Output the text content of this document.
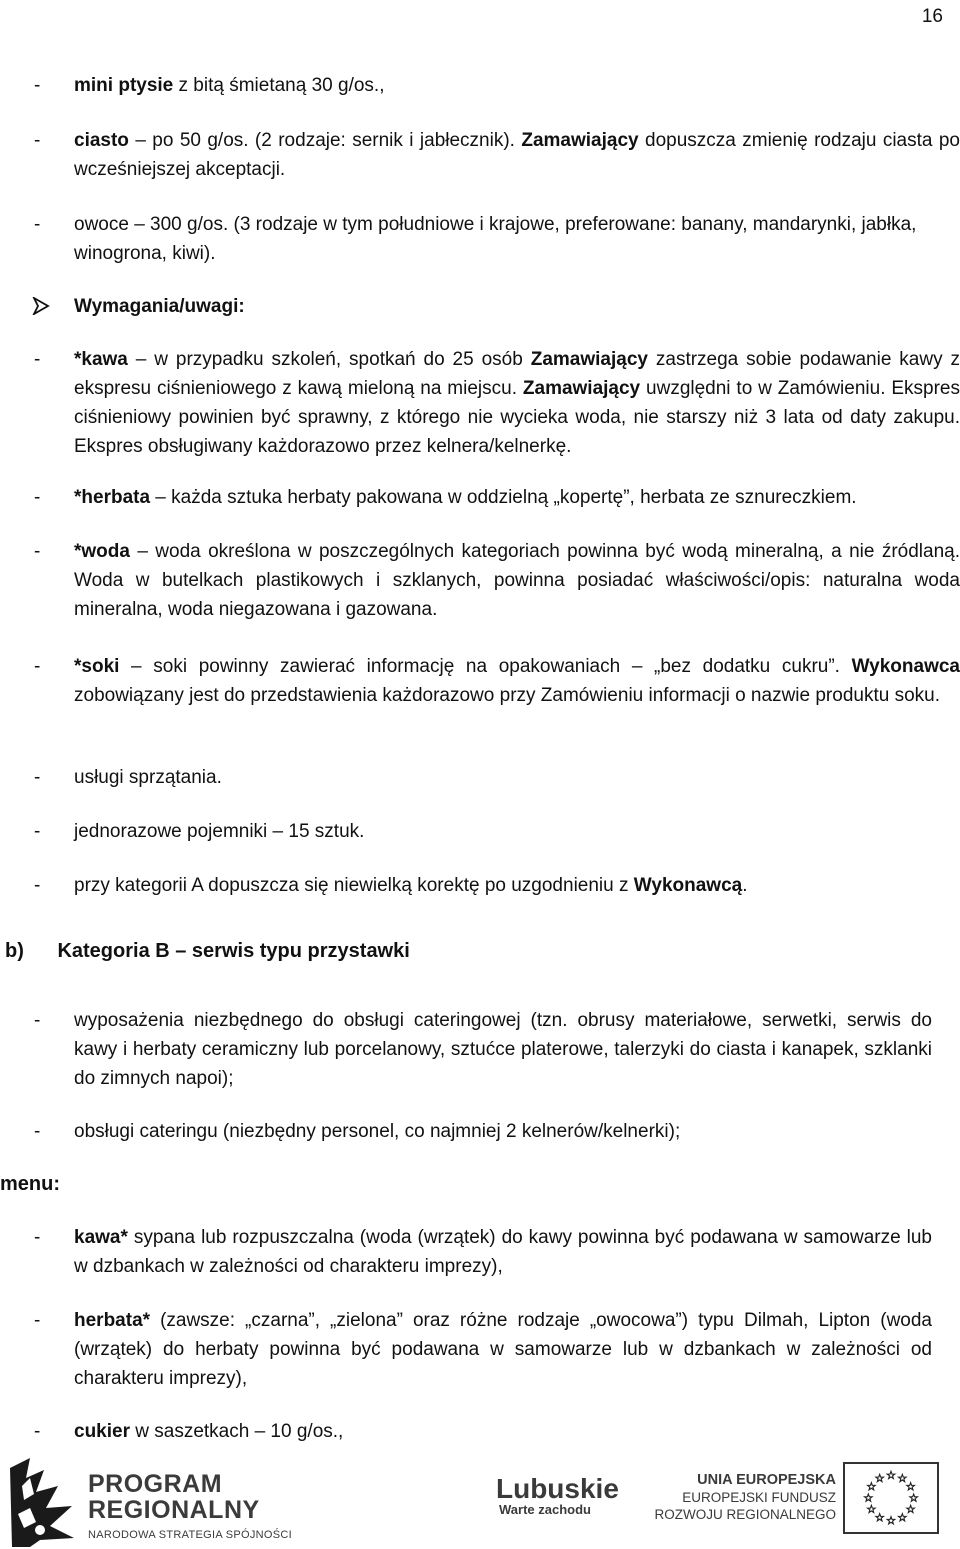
16
- mini ptysie z bitą śmietaną 30 g/os.,
- ciasto – po 50 g/os. (2 rodzaje: sernik i jabłecznik). Zamawiający dopuszcza zmienię rodzaju ciasta po wcześniejszej akceptacji.
- owoce – 300 g/os. (3 rodzaje w tym południowe i krajowe, preferowane: banany, mandarynki, jabłka, winogrona, kiwi).
Wymagania/uwagi:
- *kawa – w przypadku szkoleń, spotkań do 25 osób Zamawiający zastrzega sobie podawanie kawy z ekspresu ciśnieniowego z kawą mieloną na miejscu. Zamawiający uwzględni to w Zamówieniu. Ekspres ciśnieniowy powinien być sprawny, z którego nie wycieka woda, nie starszy niż 3 lata od daty zakupu. Ekspres obsługiwany każdorazowo przez kelnera/kelnerkę.
- *herbata – każda sztuka herbaty pakowana w oddzielną „kopertę”, herbata ze sznureczkiem.
- *woda – woda określona w poszczególnych kategoriach powinna być wodą mineralną, a nie źródlaną. Woda w butelkach plastikowych i szklanych, powinna posiadać właściwości/opis: naturalna woda mineralna, woda niegazowana i gazowana.
- *soki – soki powinny zawierać informację na opakowaniach – „bez dodatku cukru”. Wykonawca zobowiązany jest do przedstawienia każdorazowo przy Zamówieniu informacji o nazwie produktu soku.
- usługi sprzątania.
- jednorazowe pojemniki – 15 sztuk.
- przy kategorii A dopuszcza się niewielką korektę po uzgodnieniu z Wykonawcą.
b) Kategoria B – serwis typu przystawki
- wyposażenia niezbędnego do obsługi cateringowej (tzn. obrusy materiałowe, serwetki, serwis do kawy i herbaty ceramiczny lub porcelanowy, sztućce platerowe, talerzyki do ciasta i kanapek, szklanki do zimnych napoi);
- obsługi cateringu (niezbędny personel, co najmniej 2 kelnerów/kelnerki);
menu:
- kawa* sypana lub rozpuszczalna (woda (wrzątek) do kawy powinna być podawana w samowarze lub w dzbankach w zależności od charakteru imprezy),
- herbata* (zawsze: „czarna”, „zielona” oraz różne rodzaje „owocowa”) typu Dilmah, Lipton (woda (wrzątek) do herbaty powinna być podawana w samowarze lub w dzbankach w zależności od charakteru imprezy),
- cukier w saszetkach – 10 g/os.,
PROGRAM
REGIONALNY
NARODOWA STRATEGIA SPÓJNOŚCI
Lubuskie
Warte zachodu
UNIA EUROPEJSKA
EUROPEJSKI FUNDUSZ
ROZWOJU REGIONALNEGO
